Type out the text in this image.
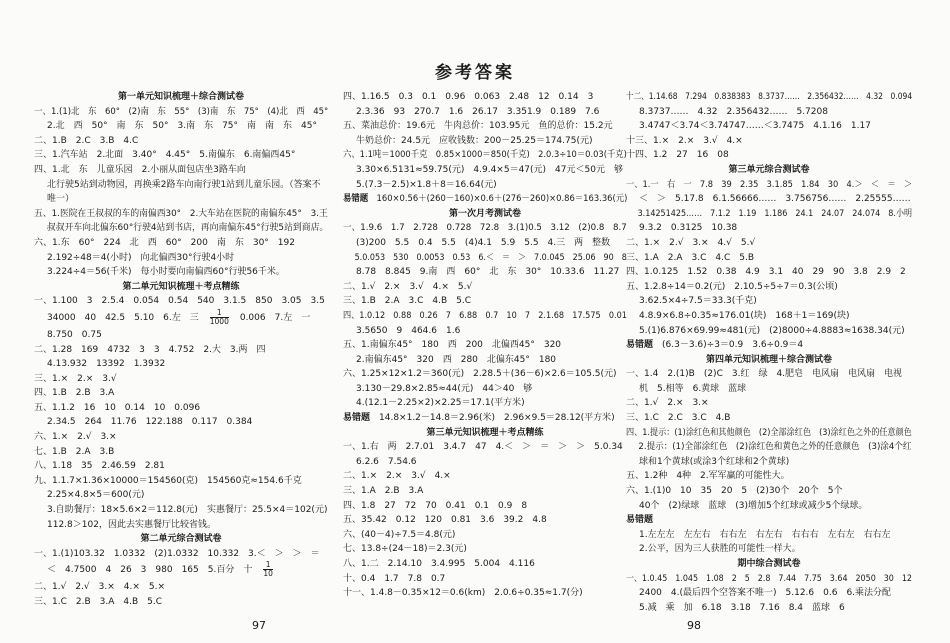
参考答案
第一单元知识梳理＋综合测试卷
一、1.(1)北　东　60°　(2)南　东　55°　(3)南　东　75°　(4)北　西　45°
2.北　西　50°　南　东　50°　3.南　东　75°　南　南　东　45°
二、1.B　2.C　3.B　4.C
三、1.汽车站　2.北面　3.40°　4.45°　5.南偏东　6.南偏西45°
四、1.北　东　儿童乐园　2.小丽从面包店坐3路车向
北行驶5站到动物园，再换乘2路车向南行驶1站到儿童乐园。（答案不
唯一）
五、1.医院在王叔叔的车的南偏西30°　2.大车站在医院的南偏东45°　3.王
叔叔开车向北偏东60°行驶4站到书店，再向南偏东45°行驶5站到商店。
六、1.东　60°　224　北　西　60°　200　南　东　30°　192
2.192÷48＝4(小时)　向北偏西30°行驶4小时
3.224÷4＝56(千米)　每小时要向南偏西60°行驶56千米。
第二单元知识梳理＋考点精练
一、1.100　3　2.5.4　0.054　0.54　540　3.1.5　850　3.05　3.5
34000　40　42.5　5.10　6.左　三　 $\frac{1}{1000}$ 　0.006　7.左　一
8.750　0.75
二、1.28　169　4732　3　3　4.752　2.大　3.两　四
4.13.932　13392　1.3932
三、1.×　2.×　3.√
四、1.B　2.B　3.A
五、1.1.2　16　10　0.14　10　0.096
2.34.5　264　11.76　122.188　0.117　0.384
六、1.×　2.√　3.×
七、1.B　2.A　3.B
八、1.18　35　2.46.59　2.81
九、1.1.7×1.36×10000＝154560(克)　154560克≈154.6千克
2.25×4.8×5＝600(元)
3.自助餐厅：18×5.6×2＝112.8(元)　实惠餐厅：25.5×4＝102(元)
112.8＞102，因此去实惠餐厅比较省钱。
第二单元综合测试卷
一、1.(1)103.32　1.0332　(2)1.0332　10.332　3.＜　＞　＞　＝
＜　4.7500　4　26　3　980　165　5.百分　十　 $\frac{1}{10}$
二、1.√　2.√　3.×　4.×　5.×
三、1.C　2.B　3.A　4.B　5.C
四、1.16.5　0.3　0.1　0.96　0.063　2.48　12　0.14　3
2.3.36　93　270.7　1.6　26.17　3.351.9　0.189　7.6
五、菜油总价：19.6元　牛肉总价：103.95元　鱼的总价：15.2元
牛奶总价：24.5元　应收钱数：200－25.25＝174.75(元)
六、1.1吨＝1000千克　0.85×1000＝850(千克)　2.0.3÷10＝0.03(千克)
3.30×6.5131≈59.75(元)　4.9.4×5＝47(元)　47元＜50元　够
5.(7.3－2.5)×1.8＋8＝16.64(元)
易错题 160×0.56＋(260－160)×0.6＋(276－260)×0.86＝163.36(元)
第一次月考测试卷
一、1.9.6　1.7　2.728　0.728　72.8　3.(1)0.5　3.12　(2)0.8　8.7
(3)200　5.5　0.4　5.5　(4)4.1　5.9　5.5　4.三　两　整数
5.0.053　530　0.0053　0.53　6.＜　＝　＞　7.0.045　25.06　90　8
8.78　8.845　9.南　西　60°　北　东　30°　10.33.6　11.27
二、1.√　2.×　3.√　4.×　5.√
三、1.B　2.A　3.C　4.B　5.C
四、1.0.12　0.88　0.26　7　6.88　0.7　10　7　2.1.68　17.575　0.01
3.5650　9　464.6　1.6
五、1.南偏东45°　180　西　200　北偏西45°　320
2.南偏东45°　320　西　280　北偏东45°　180
六、1.25×12×1.2＝360(元)　2.28.5＋(36－6)×2.6＝105.5(元)
3.130－29.8×2.85≈44(元)　44＞40　够
4.(12.1－2.25×2)×2.25＝17.1(平方米)
易错题 14.8×1.2－14.8＝2.96(米)　2.96×9.5＝28.12(平方米)
第三单元知识梳理＋考点精练
一、1.右　两　2.7.01　3.4.7　47　4.＜　＞　＝　＞　＞　5.0.34
6.2.6　7.54.6
二、1.×　2.×　3.√　4.×
三、1.A　2.B　3.A
四、1.8　27　72　70　0.41　0.1　0.9　8
五、35.42　0.12　120　0.81　3.6　39.2　4.8
六、(40－4)÷7.5＝4.8(元)
七、13.8÷(24－18)＝2.3(元)
八、1.二　2.14.10　3.4.995　5.004　4.116
十、0.4　1.7　7.8　0.7
十一、1.4.8－0.35×12＝0.6(km)　2.0.6÷0.35≈1.7(分)
十二、1.14.68　7.294　0.838383　8.3737……　2.356432……　4.32　0.094
8.3737……　4.32　2.356432……　5.7208
3.4747＜3.74＜3.74747……＜3.7475　4.1.16　1.17
十三、1.×　2.×　3.√　4.×
十四、1.2　27　16　08
第三单元综合测试卷
一、1.一　右　一　7.8　39　2.35　3.1.85　1.84　30　4.＞　＜　＝　＞
＜　＞　5.17.8　6.1.56666……　3.756756……　2.25555……
3.14251425……　7.1.2　1.19　1.186　24.1　24.07　24.074　8.小明
9.3.2　0.3125　10.38
二、1.×　2.√　3.×　4.√　5.√
三、1.A　2.A　3.C　4.C　5.B
四、1.0.125　1.52　0.38　4.9　3.1　40　29　90　3.8　2.9　2
五、1.2.8÷14＝0.2(元)　2.10.5÷5÷7＝0.3(公顷)
3.62.5×4÷7.5＝33.3(千克)
4.8.9×6.8÷0.35≈176.01(块)　168＋1＝169(块)
5.(1)6.876×69.99≈481(元)　(2)8000÷4.8883≈1638.34(元)
易错题 (6.3－3.6)÷3＝0.9　3.6÷0.9＝4
第四单元知识梳理＋综合测试卷
一、1.4　2.(1)B　(2)C　3.红　绿　4.肥皂　电风扇　电风扇　电视
机　5.相等　6.黄球　蓝球
二、1.√　2.×　3.×
三、1.C　2.C　3.C　4.B
四、1.提示：(1)涂红色和其他颜色　(2)全部涂红色　(3)涂红色之外的任意颜色
2.提示：(1)全部涂红色　(2)涂红色和黄色之外的任意颜色　(3)涂4个红
球和1个黄球(或涂3个红球和2个黄球)
五、1.2种　4种　2.军军赢的可能性大。
六、1.(1)0　10　35　20　5　(2)30个　20个　5个
40个　(2)绿球　蓝球　(3)增加5个红球或减少5个绿球。
易错题
1.左左左　左左右　右右左　右左右　右右右　左右左　右右左
2.公平，因为三人获胜的可能性一样大。
期中综合测试卷
一、1.0.45　1.045　1.08　2　5　2.8　7.44　7.75　3.64　2050　30　12
2400　4.(最后四个空答案不唯一)　5.12.6　0.6　6.乘法分配
5.减　乘　加　6.18　3.18　7.16　8.4　蓝球　6
97	98
